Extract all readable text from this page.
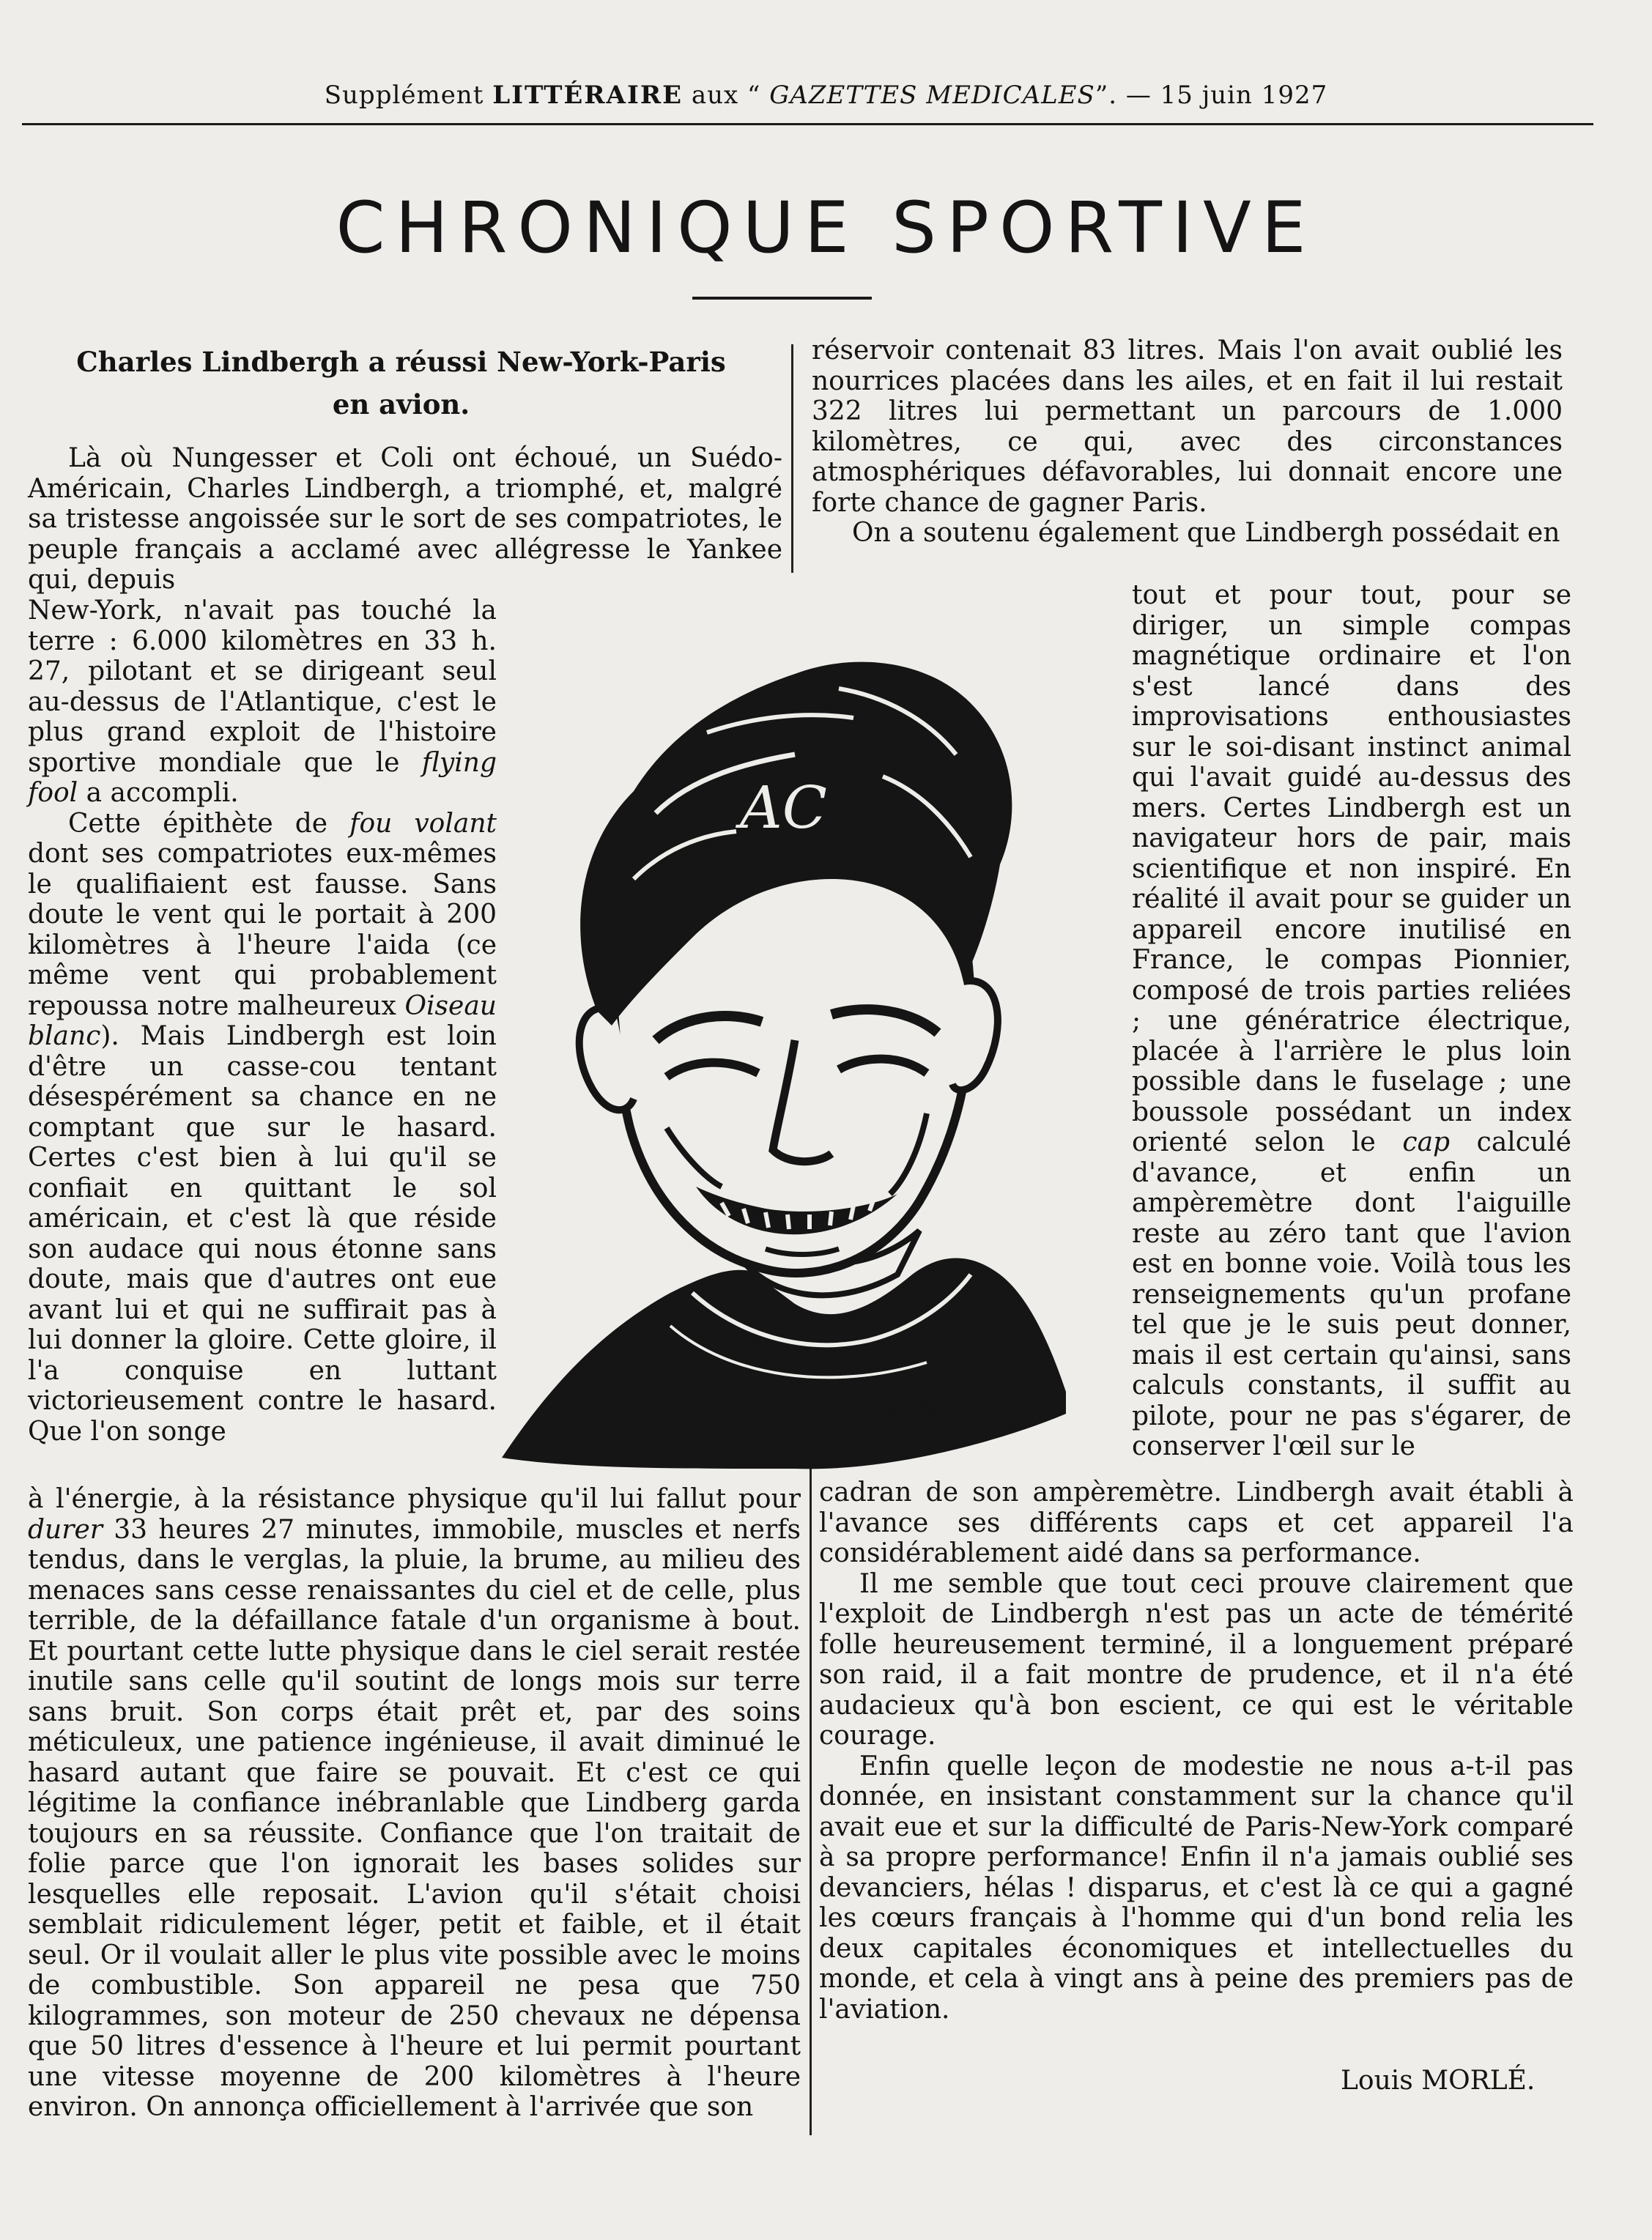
Supplément LITTÉRAIRE aux “ GAZETTES MEDICALES”. — 15 juin 1927
CHRONIQUE SPORTIVE
Charles Lindbergh a réussi New-York-Paris
en avion.

Là où Nungesser et Coli ont échoué, un Suédo-Américain, Charles Lindbergh, a triomphé, et, malgré sa tristesse angoissée sur le sort de ses compatriotes, le peuple français a acclamé avec allégresse le Yankee qui, depuis

New-York, n'avait pas touché la terre : 6.000 kilomètres en 33 h. 27, pilotant et se dirigeant seul au-dessus de l'Atlantique, c'est le plus grand exploit de l'histoire sportive mondiale que le flying fool a accompli.

Cette épithète de fou volant dont ses compatriotes eux-mêmes le qualifiaient est fausse. Sans doute le vent qui le portait à 200 kilomètres à l'heure l'aida (ce même vent qui probablement repoussa notre malheureux Oiseau blanc). Mais Lindbergh est loin d'être un casse-cou tentant désespérément sa chance en ne comptant que sur le hasard. Certes c'est bien à lui qu'il se confiait en quittant le sol américain, et c'est là que réside son audace qui nous étonne sans doute, mais que d'autres ont eue avant lui et qui ne suffirait pas à lui donner la gloire. Cette gloire, il l'a conquise en luttant victorieusement contre le hasard. Que l'on songe

à l'énergie, à la résistance physique qu'il lui fallut pour durer 33 heures 27 minutes, immobile, muscles et nerfs tendus, dans le verglas, la pluie, la brume, au milieu des menaces sans cesse renaissantes du ciel et de celle, plus terrible, de la défaillance fatale d'un organisme à bout. Et pourtant cette lutte physique dans le ciel serait restée inutile sans celle qu'il soutint de longs mois sur terre sans bruit. Son corps était prêt et, par des soins méticuleux, une patience ingénieuse, il avait diminué le hasard autant que faire se pouvait. Et c'est ce qui légitime la confiance inébranlable que Lindberg garda toujours en sa réussite. Confiance que l'on traitait de folie parce que l'on ignorait les bases solides sur lesquelles elle reposait. L'avion qu'il s'était choisi semblait ridiculement léger, petit et faible, et il était seul. Or il voulait aller le plus vite possible avec le moins de combustible. Son appareil ne pesa que 750 kilogrammes, son moteur de 250 chevaux ne dépensa que 50 litres d'essence à l'heure et lui permit pourtant une vitesse moyenne de 200 kilomètres à l'heure environ. On annonça officiellement à l'arrivée que son

réservoir contenait 83 litres. Mais l'on avait oublié les nourrices placées dans les ailes, et en fait il lui restait 322 litres lui permettant un parcours de 1.000 kilomètres, ce qui, avec des circonstances atmosphériques défavorables, lui donnait encore une forte chance de gagner Paris.

On a soutenu également que Lindbergh possédait en

tout et pour tout, pour se diriger, un simple compas magnétique ordinaire et l'on s'est lancé dans des improvisations enthousiastes sur le soi-disant instinct animal qui l'avait guidé au-dessus des mers. Certes Lindbergh est un navigateur hors de pair, mais scientifique et non inspiré. En réalité il avait pour se guider un appareil encore inutilisé en France, le compas Pionnier, composé de trois parties reliées ; une génératrice électrique, placée à l'arrière le plus loin possible dans le fuselage ; une boussole possédant un index orienté selon le cap calculé d'avance, et enfin un ampèremètre dont l'aiguille reste au zéro tant que l'avion est en bonne voie. Voilà tous les renseignements qu'un profane tel que je le suis peut donner, mais il est certain qu'ainsi, sans calculs constants, il suffit au pilote, pour ne pas s'égarer, de conserver l'œil sur le

cadran de son ampèremètre. Lindbergh avait établi à l'avance ses différents caps et cet appareil l'a considérablement aidé dans sa performance.

Il me semble que tout ceci prouve clairement que l'exploit de Lindbergh n'est pas un acte de témérité folle heureusement terminé, il a longuement préparé son raid, il a fait montre de prudence, et il n'a été audacieux qu'à bon escient, ce qui est le véritable courage.

Enfin quelle leçon de modestie ne nous a-t-il pas donnée, en insistant constamment sur la chance qu'il avait eue et sur la difficulté de Paris-New-York comparé à sa propre performance! Enfin il n'a jamais oublié ses devanciers, hélas ! disparus, et c'est là ce qui a gagné les cœurs français à l'homme qui d'un bond relia les deux capitales économiques et intellectuelles du monde, et cela à vingt ans à peine des premiers pas de l'aviation.

AC
L.M.
Louis MORLÉ.
